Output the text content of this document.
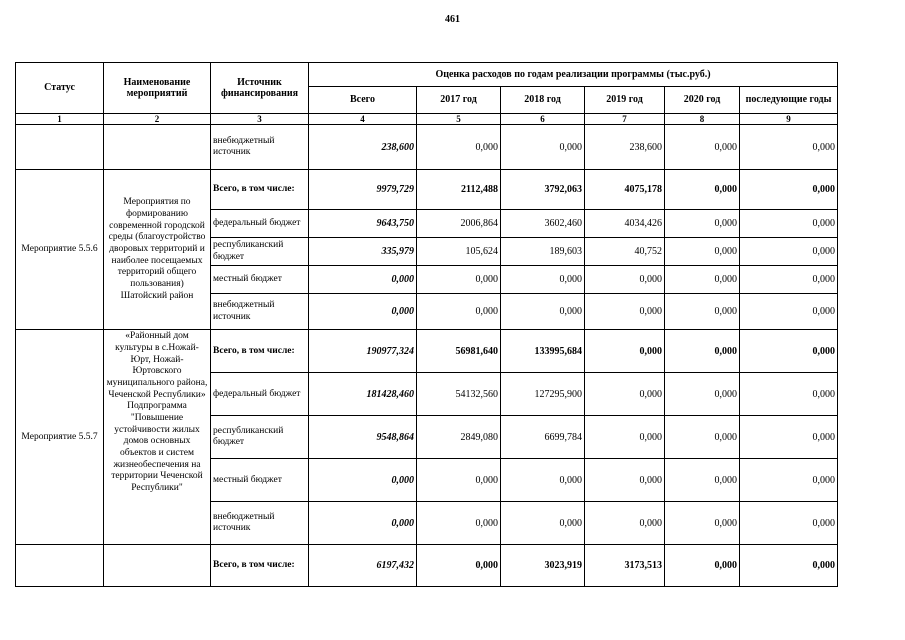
461
Статус	Наименование мероприятий	Источник финансирования	Оценка расходов по годам реализации программы (тыс.руб.)					
			Всего	2017 год	2018 год	2019 год	2020 год	последующие годы
1	2	3	4	5	6	7	8	9
		внебюджетный источник	238,600	0,000	0,000	238,600	0,000	0,000
Мероприятие 5.5.6	Мероприятия по формированию современной городской среды (благоустройство дворовых территорий и наиболее посещаемых территорий общего пользования) Шатойский район	Всего, в том числе:	9979,729	2112,488	3792,063	4075,178	0,000	0,000
		федеральный бюджет	9643,750	2006,864	3602,460	4034,426	0,000	0,000
		республиканский бюджет	335,979	105,624	189,603	40,752	0,000	0,000
		местный бюджет	0,000	0,000	0,000	0,000	0,000	0,000
		внебюджетный источник	0,000	0,000	0,000	0,000	0,000	0,000
Мероприятие 5.5.7	«Районный дом культуры в с.Ножай-Юрт, Ножай-Юртовского муниципального района, Чеченской Республики» Подпрограмма "Повышение устойчивости жилых домов основных объектов и систем жизнеобеспечения на территории Чеченской Республики"	Всего, в том числе:	190977,324	56981,640	133995,684	0,000	0,000	0,000
		федеральный бюджет	181428,460	54132,560	127295,900	0,000	0,000	0,000
		республиканский бюджет	9548,864	2849,080	6699,784	0,000	0,000	0,000
		местный бюджет	0,000	0,000	0,000	0,000	0,000	0,000
		внебюджетный источник	0,000	0,000	0,000	0,000	0,000	0,000
		Всего, в том числе:	6197,432	0,000	3023,919	3173,513	0,000	0,000
